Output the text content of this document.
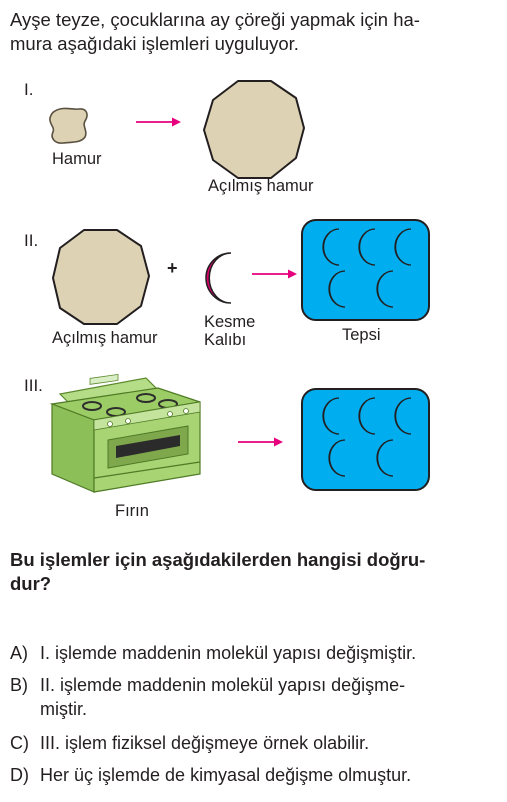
Ayşe teyze, çocuklarına ay çöreği yapmak için ha-
mura aşağıdaki işlemleri uyguluyor.
I.
Hamur
Açılmış hamur
II.
Açılmış hamur
+
Kesme
Kalıbı	Tepsi
III.
Fırın
Bu işlemler için aşağıdakilerden hangisi doğru-
dur?
A) I. işlemde maddenin molekül yapısı değişmiştir.
B) II. işlemde maddenin molekül yapısı değişme-
miştir.
C) III. işlem fiziksel değişmeye örnek olabilir.
D) Her üç işlemde de kimyasal değişme olmuştur.
